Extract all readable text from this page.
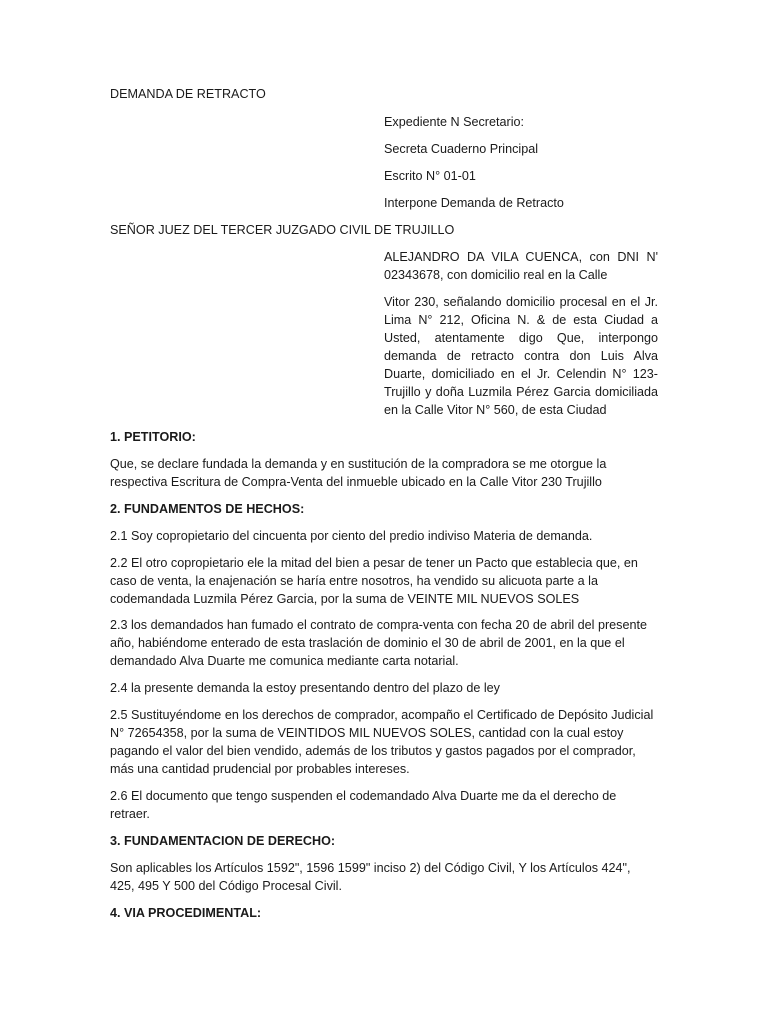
DEMANDA DE RETRACTO
Expediente N Secretario:
Secreta Cuaderno Principal
Escrito N° 01-01
Interpone Demanda de Retracto
SEÑOR JUEZ DEL TERCER JUZGADO CIVIL DE TRUJILLO
ALEJANDRO DA VILA CUENCA, con DNI N' 02343678, con domicilio real en la Calle
Vitor 230, señalando domicilio procesal en el Jr. Lima N° 212, Oficina N. & de esta Ciudad a Usted, atentamente digo Que, interpongo demanda de retracto contra don Luis Alva Duarte, domiciliado en el Jr. Celendin N° 123-Trujillo y doña Luzmila Pérez Garcia domiciliada en la Calle Vitor N° 560, de esta Ciudad
1. PETITORIO:
Que, se declare fundada la demanda y en sustitución de la compradora se me otorgue la respectiva Escritura de Compra-Venta del inmueble ubicado en la Calle Vitor 230 Trujillo
2. FUNDAMENTOS DE HECHOS:
2.1 Soy copropietario del cincuenta por ciento del predio indiviso Materia de demanda.
2.2 El otro copropietario ele la mitad del bien a pesar de tener un Pacto que establecia que, en caso de venta, la enajenación se haría entre nosotros, ha vendido su alicuota parte a la codemandada Luzmila Pérez Garcia, por la suma de VEINTE MIL NUEVOS SOLES
2.3 los demandados han fumado el contrato de compra-venta con fecha 20 de abril del presente año, habiéndome enterado de esta traslación de dominio el 30 de abril de 2001, en la que el demandado Alva Duarte me comunica mediante carta notarial.
2.4 la presente demanda la estoy presentando dentro del plazo de ley
2.5 Sustituyéndome en los derechos de comprador, acompaño el Certificado de Depósito Judicial N° 72654358, por la suma de VEINTIDOS MIL NUEVOS SOLES, cantidad con la cual estoy pagando el valor del bien vendido, además de los tributos y gastos pagados por el comprador, más una cantidad prudencial por probables intereses.
2.6 El documento que tengo suspenden el codemandado Alva Duarte me da el derecho de retraer.
3. FUNDAMENTACION DE DERECHO:
Son aplicables los Artículos 1592", 1596 1599" inciso 2) del Código Civil, Y los Artículos 424", 425, 495 Y 500 del Código Procesal Civil.
4. VIA PROCEDIMENTAL:
